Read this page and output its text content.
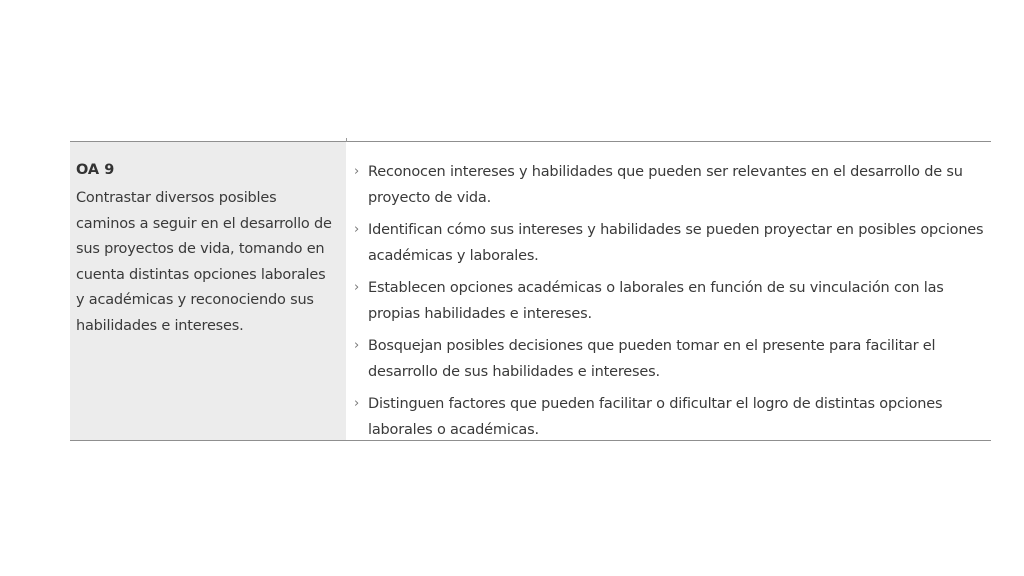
OA 9
Contrastar diversos posibles caminos a seguir en el desarrollo de sus proyectos de vida, tomando en cuenta distintas opciones laborales y académicas y reconociendo sus habilidades e intereses.
› Reconocen intereses y habilidades que pueden ser relevantes en el desarrollo de su proyecto de vida.
› Identifican cómo sus intereses y habilidades se pueden proyectar en posibles opciones académicas y laborales.
› Establecen opciones académicas o laborales en función de su vinculación con las propias habilidades e intereses.
› Bosquejan posibles decisiones que pueden tomar en el presente para facilitar el desarrollo de sus habilidades e intereses.
› Distinguen factores que pueden facilitar o dificultar el logro de distintas opciones laborales o académicas.
